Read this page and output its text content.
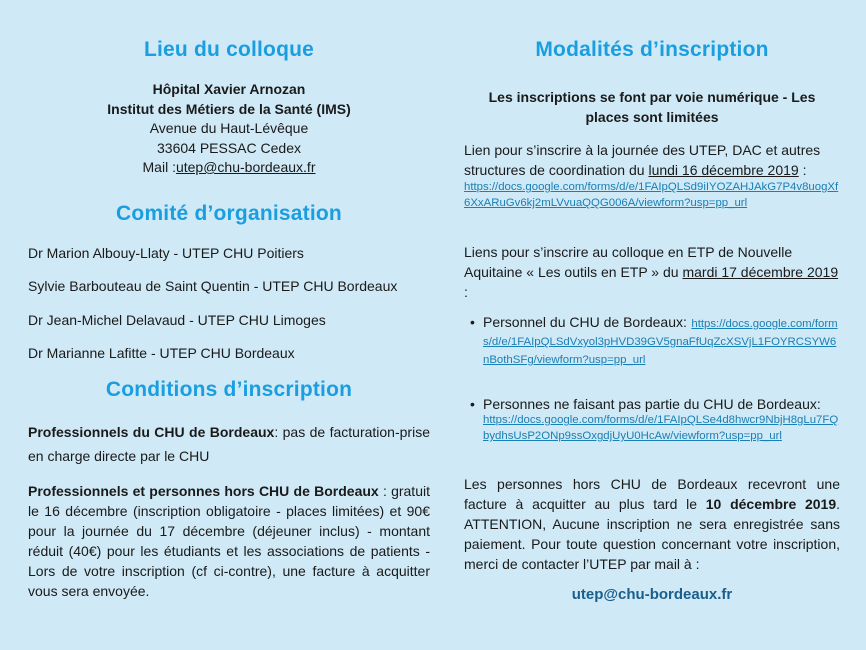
Lieu du colloque
Hôpital Xavier Arnozan
Institut des Métiers de la Santé (IMS)
Avenue du Haut-Lévêque
33604 PESSAC Cedex
Mail :utep@chu-bordeaux.fr
Comité d’organisation
Dr Marion Albouy-Llaty - UTEP CHU Poitiers
Sylvie Barbouteau de Saint Quentin - UTEP CHU Bordeaux
Dr Jean-Michel Delavaud - UTEP CHU Limoges
Dr Marianne Lafitte - UTEP CHU Bordeaux
Conditions d’inscription

Professionnels du CHU de Bordeaux: pas de facturation-prise en charge directe par le CHU

Professionnels et personnes hors CHU de Bordeaux : gratuit le 16 décembre (inscription obligatoire - places limitées) et 90€ pour la journée du 17 décembre (déjeuner inclus) - montant réduit (40€) pour les étudiants et les associations de patients - Lors de votre inscription (cf ci-contre), une facture à acquitter vous sera envoyée.

Modalités d’inscription
Les inscriptions se font par voie numérique - Les places sont limitées

Lien pour s’inscrire à la journée des UTEP, DAC et autres structures de coordination du lundi 16 décembre 2019 :

https://docs.google.com/forms/d/e/1FAIpQLSd9iIYOZAHJAkG7P4v8uogXf6XxARuGv6kj2mLVvuaQQG006A/viewform?usp=pp_url

Liens pour s’inscrire au colloque en ETP de Nouvelle Aquitaine « Les outils en ETP » du mardi 17 décembre 2019 :

• Personnel du CHU de Bordeaux: https://docs.google.com/forms/d/e/1FAIpQLSdVxyol3pHVD39GV5gnaFfUqZcXSVjL1FOYRCSYW6nBothSFg/viewform?usp=pp_url
• Personnes ne faisant pas partie du CHU de Bordeaux:
https://docs.google.com/forms/d/e/1FAIpQLSe4d8hwcr9NbjH8gLu7FQbydhsUsP2ONp9ssOxgdjUyU0HcAw/viewform?usp=pp_url

Les personnes hors CHU de Bordeaux recevront une facture à acquitter au plus tard le 10 décembre 2019. ATTENTION, Aucune inscription ne sera enregistrée sans paiement. Pour toute question concernant votre inscription, merci de contacter l’UTEP par mail à :

utep@chu-bordeaux.fr
